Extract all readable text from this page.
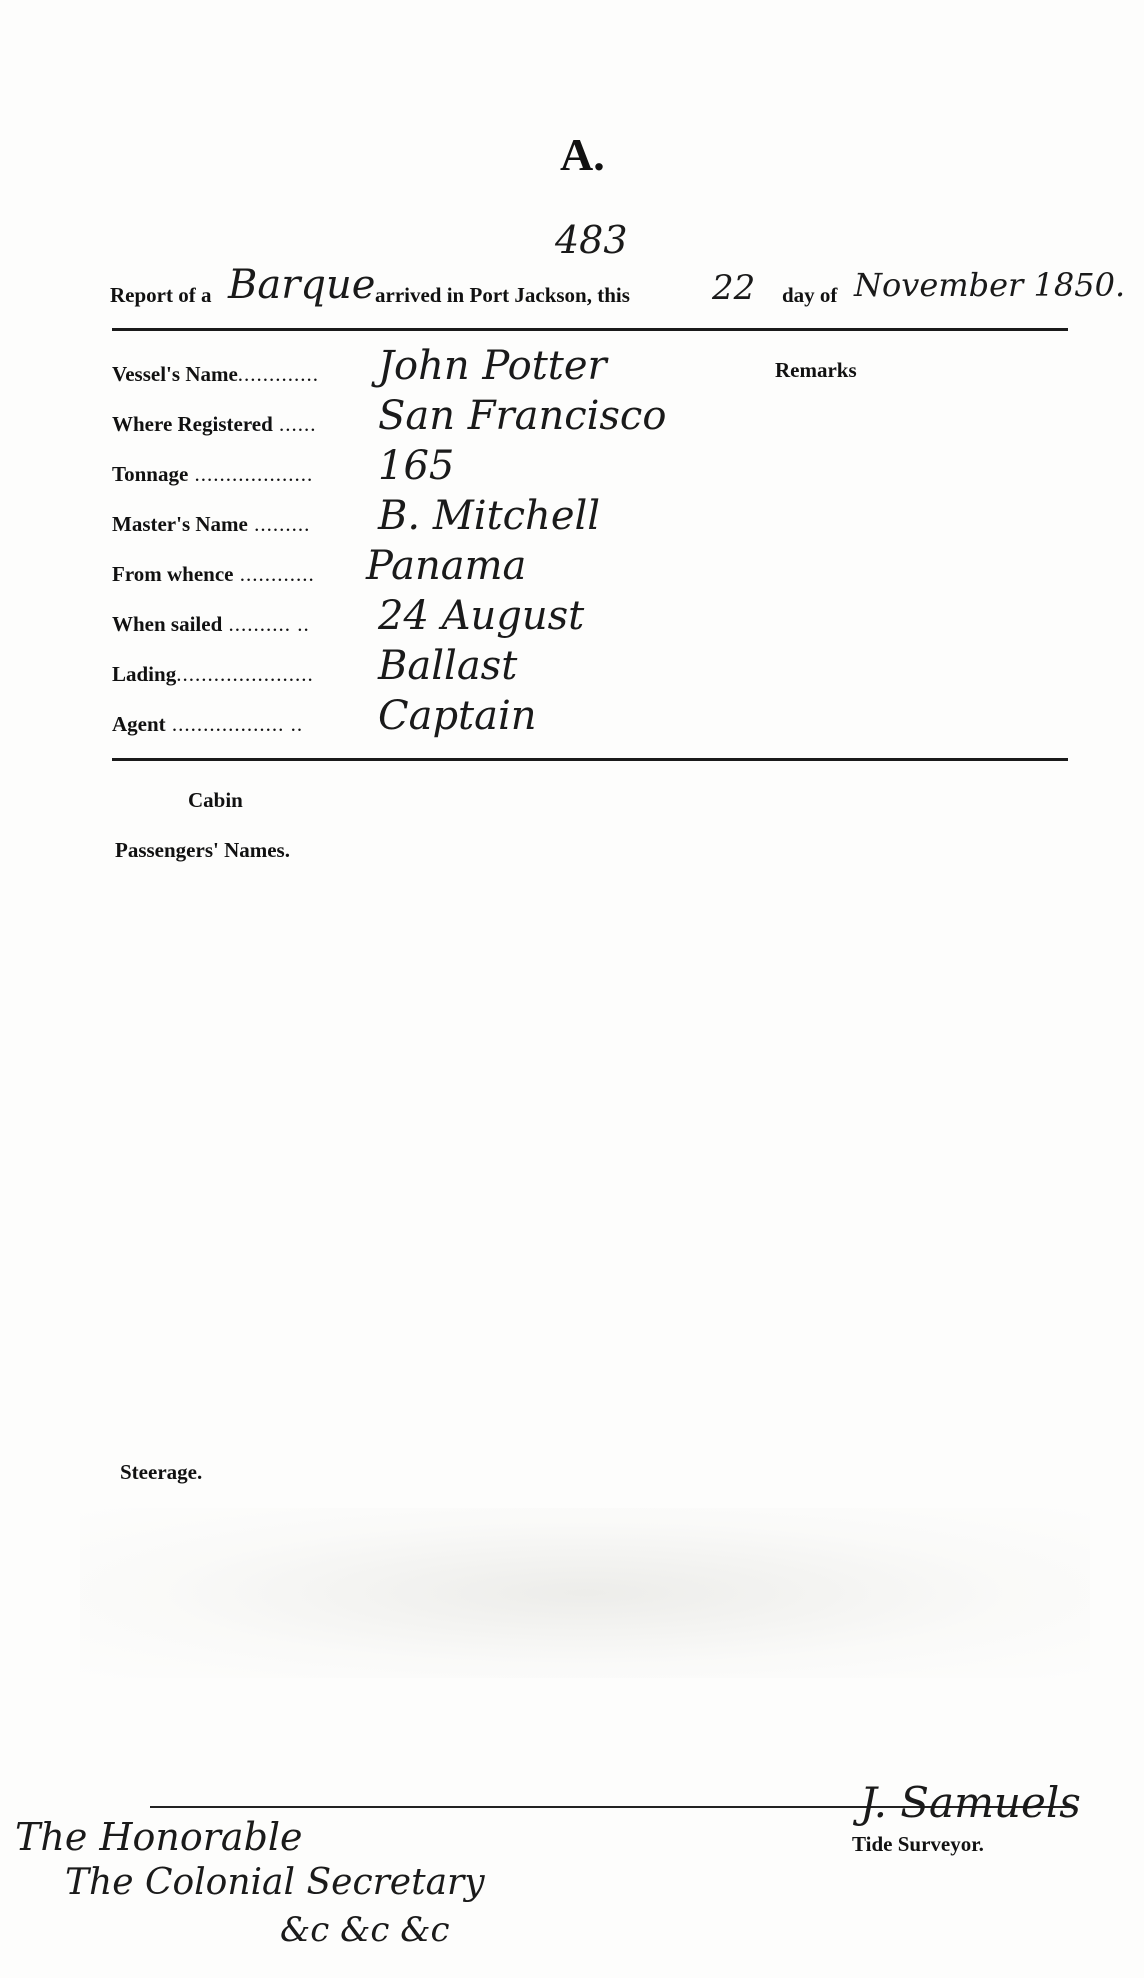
A.
483
Report of a Barque arrived in Port Jackson, this 22 day of November 1850.
Remarks
Vessel's Name............. John Potter
Where Registered ...... San Francisco
Tonnage ................... 165
Master's Name ......... B. Mitchell
From whence ............ Panama
When sailed .......... .. 24 August
Lading...................... Ballast
Agent .................. .. Captain
Cabin
Passengers' Names.
Steerage.
The Honorable
The Colonial Secretary
&c &c &c
J. Samuels
Tide Surveyor.
